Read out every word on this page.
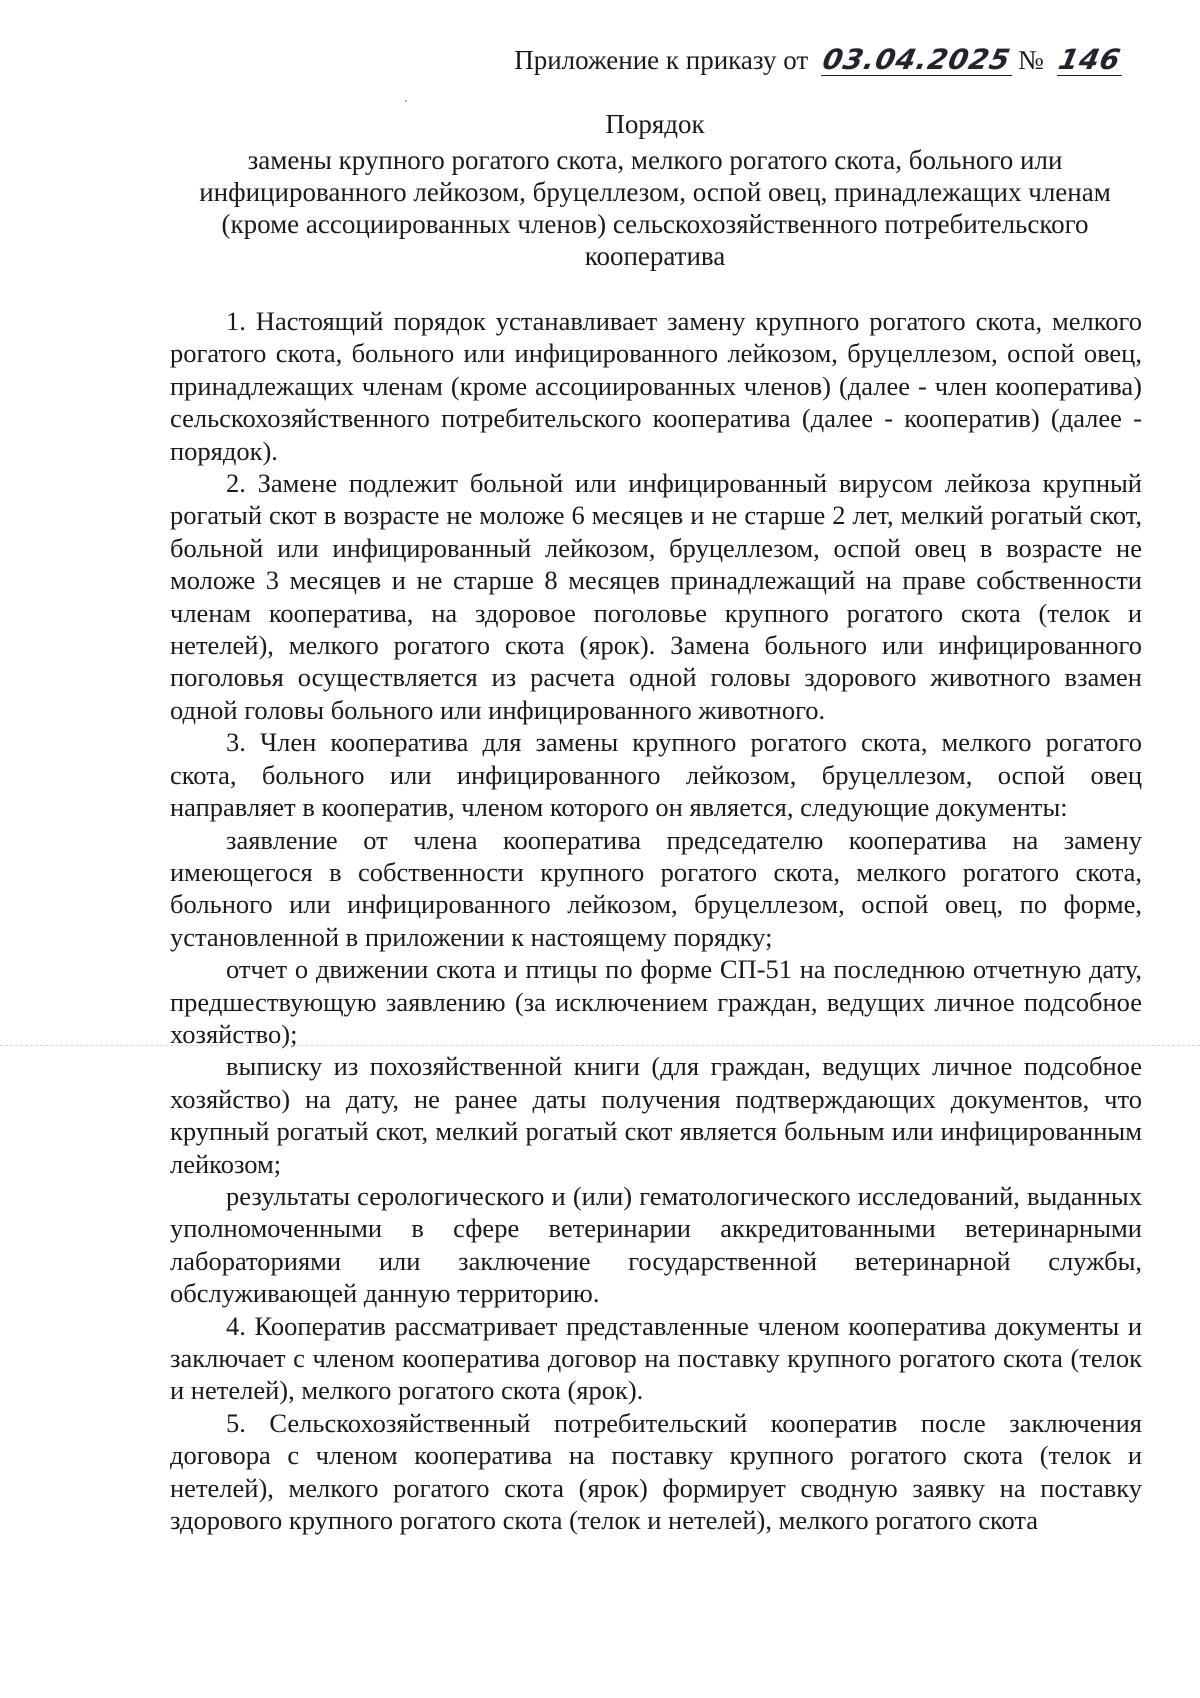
Приложение к приказу от 03.04.2025 № 146
Порядок
замены крупного рогатого скота, мелкого рогатого скота, больного или
инфицированного лейкозом, бруцеллезом, оспой овец, принадлежащих членам
(кроме ассоциированных членов) сельскохозяйственного потребительского
кооператива

1. Настоящий порядок устанавливает замену крупного рогатого скота, мелкого рогатого скота, больного или инфицированного лейкозом, бруцеллезом, оспой овец, принадлежащих членам (кроме ассоциированных членов) (далее - член кооператива) сельскохозяйственного потребительского кооператива (далее - кооператив) (далее - порядок).

2. Замене подлежит больной или инфицированный вирусом лейкоза крупный рогатый скот в возрасте не моложе 6 месяцев и не старше 2 лет, мелкий рогатый скот, больной или инфицированный лейкозом, бруцеллезом, оспой овец в возрасте не моложе 3 месяцев и не старше 8 месяцев принадлежащий на праве собственности членам кооператива, на здоровое поголовье крупного рогатого скота (телок и нетелей), мелкого рогатого скота (ярок). Замена больного или инфицированного поголовья осуществляется из расчета одной головы здорового животного взамен одной головы больного или инфицированного животного.

3. Член кооператива для замены крупного рогатого скота, мелкого рогатого скота, больного или инфицированного лейкозом, бруцеллезом, оспой овец направляет в кооператив, членом которого он является, следующие документы:

заявление от члена кооператива председателю кооператива на замену имеющегося в собственности крупного рогатого скота, мелкого рогатого скота, больного или инфицированного лейкозом, бруцеллезом, оспой овец, по форме, установленной в приложении к настоящему порядку;

отчет о движении скота и птицы по форме СП-51 на последнюю отчетную дату, предшествующую заявлению (за исключением граждан, ведущих личное подсобное хозяйство);

выписку из похозяйственной книги (для граждан, ведущих личное подсобное хозяйство) на дату, не ранее даты получения подтверждающих документов, что крупный рогатый скот, мелкий рогатый скот является больным или инфицированным лейкозом;

результаты серологического и (или) гематологического исследований, выданных уполномоченными в сфере ветеринарии аккредитованными ветеринарными лабораториями или заключение государственной ветеринарной службы, обслуживающей данную территорию.

4. Кооператив рассматривает представленные членом кооператива документы и заключает с членом кооператива договор на поставку крупного рогатого скота (телок и нетелей), мелкого рогатого скота (ярок).

5. Сельскохозяйственный потребительский кооператив после заключения договора с членом кооператива на поставку крупного рогатого скота (телок и нетелей), мелкого рогатого скота (ярок) формирует сводную заявку на поставку здорового крупного рогатого скота (телок и нетелей), мелкого рогатого скота
